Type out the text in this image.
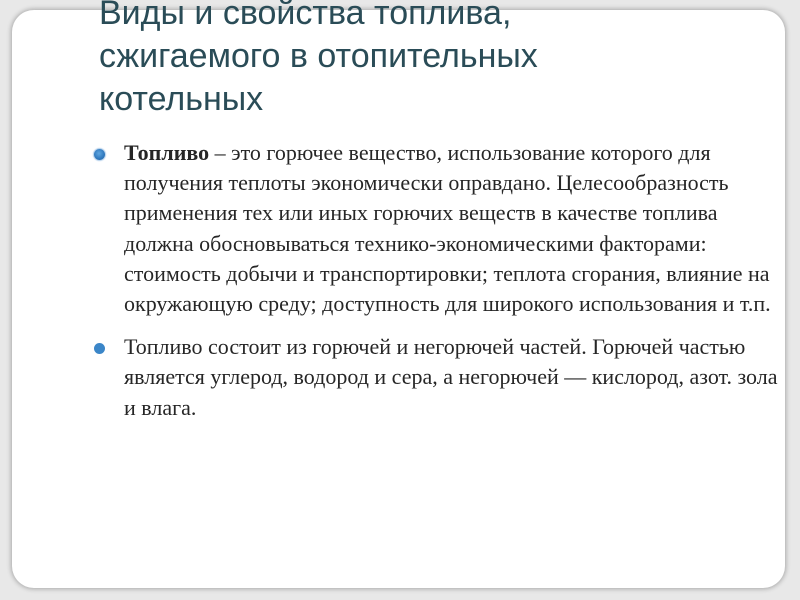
Виды и свойства топлива,
сжигаемого в отопительных
котельных
Топливо – это горючее вещество, использование которого для получения теплоты экономически оправдано. Целесообразность применения тех или иных горючих веществ в качестве топлива должна обосновываться технико-экономическими факторами: стоимость добычи и транспортировки; теплота сгорания, влияние на окружающую среду; доступность для широкого использования и т.п.
Топливо состоит из горючей и негорючей частей. Горючей частью является углерод, водород и сера, а негорючей — кислород, азот. зола и влага.
